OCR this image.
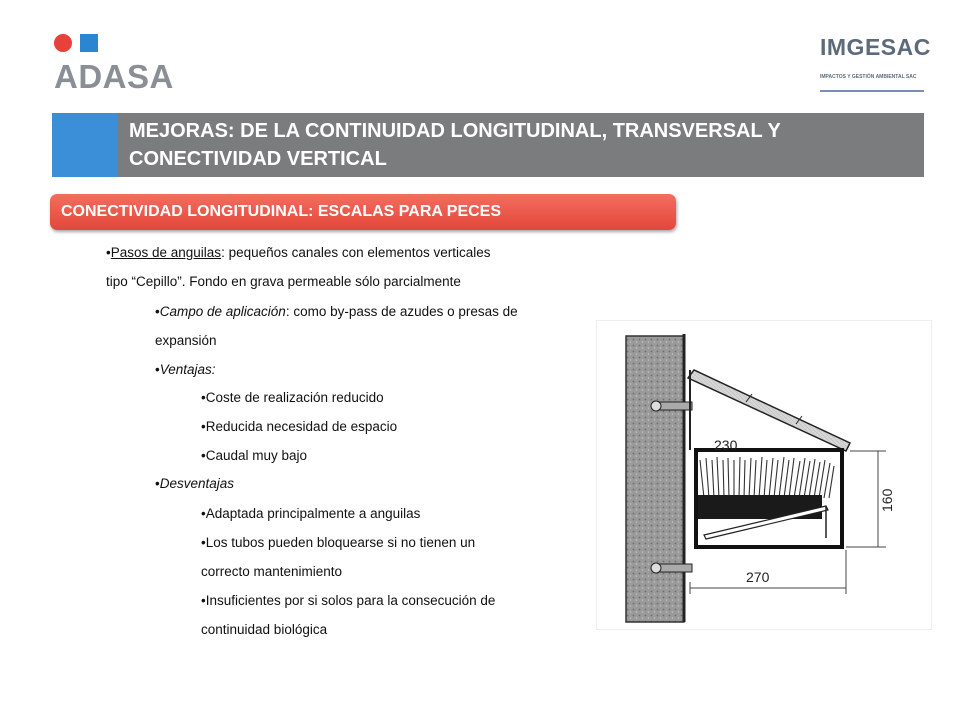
ADASA
IMGESAC
IMPACTOS Y GESTIÓN AMBIENTAL SAC
MEJORAS: DE LA CONTINUIDAD LONGITUDINAL, TRANSVERSAL Y CONECTIVIDAD VERTICAL
CONECTIVIDAD LONGITUDINAL: ESCALAS PARA PECES
•Pasos de anguilas: pequeños canales con elementos verticales
tipo “Cepillo”. Fondo en grava permeable sólo parcialmente
•Campo de aplicación: como by-pass de azudes o presas de
expansión
•Ventajas:
•Coste de realización reducido
•Reducida necesidad de espacio
•Caudal muy bajo
•Desventajas
•Adaptada principalmente a anguilas
•Los tubos pueden bloquearse si no tienen un
correcto mantenimiento
•Insuficientes por si solos para la consecución de
continuidad biológica
230
270
160
